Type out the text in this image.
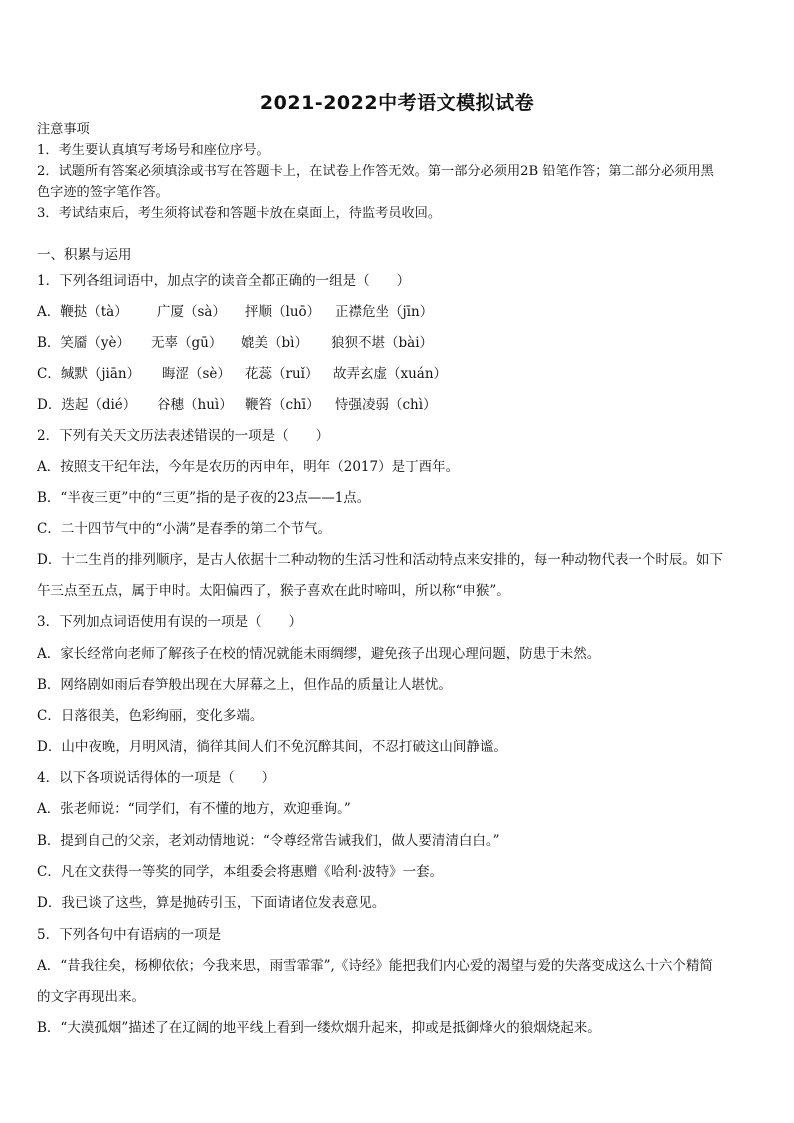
2021-2022中考语文模拟试卷
注意事项
1．考生要认真填写考场号和座位序号。
2．试题所有答案必须填涂或书写在答题卡上，在试卷上作答无效。第一部分必须用2B 铅笔作答；第二部分必须用黑
色字迹的签字笔作答。
3．考试结束后，考生须将试卷和答题卡放在桌面上，待监考员收回。
一、积累与运用
1．下列各组词语中，加点字的读音全都正确的一组是（　　）
A．鞭挞（tà） 广厦（sà） 抨顺（luō） 正襟危坐（jīn）
B．笑靥（yè） 无辜（gū） 媲美（bì） 狼狈不堪（bài）
C．缄默（jiān） 晦涩（sè） 花蕊（ruǐ） 故弄玄虚（xuán）
D．迭起（dié） 谷穗（huì） 鞭笞（chī） 恃强凌弱（chì）
2．下列有关天文历法表述错误的一项是（　　）
A．按照支干纪年法，今年是农历的丙申年，明年（2017）是丁酉年。
B．“半夜三更”中的“三更”指的是子夜的23点——1点。
C．二十四节气中的“小满”是春季的第二个节气。
D．十二生肖的排列顺序，是古人依据十二种动物的生活习性和活动特点来安排的，每一种动物代表一个时辰。如下
午三点至五点，属于申时。太阳偏西了，猴子喜欢在此时啼叫，所以称“申猴”。
3．下列加点词语使用有误的一项是（　　）
A．家长经常向老师了解孩子在校的情况就能未雨绸缪，避免孩子出现心理问题，防患于未然。
B．网络剧如雨后春笋般出现在大屏幕之上，但作品的质量让人堪忧。
C．日落很美，色彩绚丽，变化多端。
D．山中夜晚，月明风清，徜徉其间人们不免沉醉其间，不忍打破这山间静谧。
4．以下各项说话得体的一项是（　　）
A．张老师说：“同学们，有不懂的地方，欢迎垂询。”
B．提到自己的父亲，老刘动情地说：“令尊经常告诫我们，做人要清清白白。”
C．凡在文获得一等奖的同学，本组委会将惠赠《哈利·波特》一套。
D．我已谈了这些，算是抛砖引玉，下面请诸位发表意见。
5．下列各句中有语病的一项是
A．“昔我往矣，杨柳依依；今我来思，雨雪霏霏”,《诗经》能把我们内心爱的渴望与爱的失落变成这么十六个精简
的文字再现出来。
B．“大漠孤烟”描述了在辽阔的地平线上看到一缕炊烟升起来，抑或是抵御烽火的狼烟烧起来。
